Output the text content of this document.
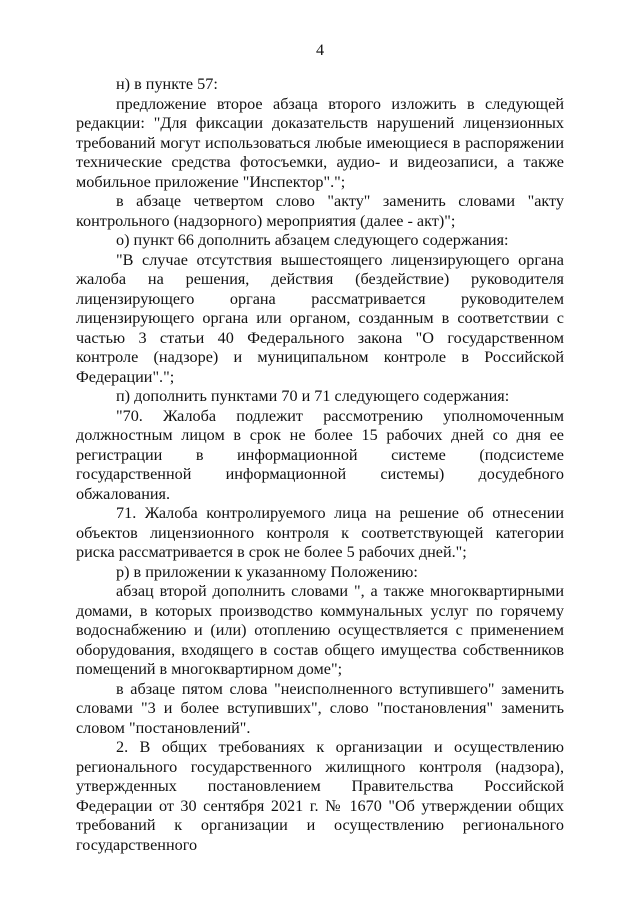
4

н) в пункте 57:

предложение второе абзаца второго изложить в следующей редакции: "Для фиксации доказательств нарушений лицензионных требований могут использоваться любые имеющиеся в распоряжении технические средства фотосъемки, аудио- и видеозаписи, а также мобильное приложение "Инспектор".";

в абзаце четвертом слово "акту" заменить словами "акту контрольного (надзорного) мероприятия (далее - акт)";

о) пункт 66 дополнить абзацем следующего содержания:

"В случае отсутствия вышестоящего лицензирующего органа жалоба на решения, действия (бездействие) руководителя лицензирующего органа рассматривается руководителем лицензирующего органа или органом, созданным в соответствии с частью 3 статьи 40 Федерального закона "О государственном контроле (надзоре) и муниципальном контроле в Российской Федерации".";

п) дополнить пунктами 70 и 71 следующего содержания:

"70. Жалоба подлежит рассмотрению уполномоченным должностным лицом в срок не более 15 рабочих дней со дня ее регистрации в информационной системе (подсистеме государственной информационной системы) досудебного обжалования.

71. Жалоба контролируемого лица на решение об отнесении объектов лицензионного контроля к соответствующей категории риска рассматривается в срок не более 5 рабочих дней.";

р) в приложении к указанному Положению:

абзац второй дополнить словами ", а также многоквартирными домами, в которых производство коммунальных услуг по горячему водоснабжению и (или) отоплению осуществляется с применением оборудования, входящего в состав общего имущества собственников помещений в многоквартирном доме";

в абзаце пятом слова "неисполненного вступившего" заменить словами "3 и более вступивших", слово "постановления" заменить словом "постановлений".

2. В общих требованиях к организации и осуществлению регионального государственного жилищного контроля (надзора), утвержденных постановлением Правительства Российской Федерации от 30 сентября 2021 г. № 1670 "Об утверждении общих требований к организации и осуществлению регионального государственного
